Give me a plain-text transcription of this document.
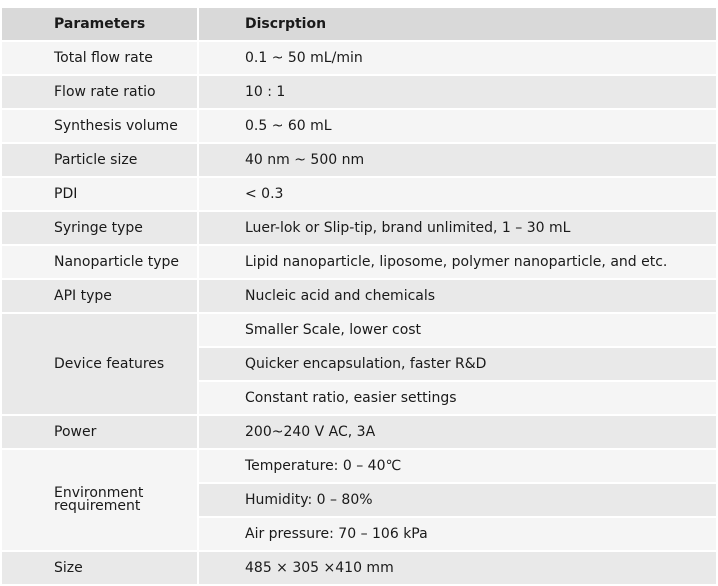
Parameters	Discrption
Total flow rate	0.1 ~ 50 mL/min
Flow rate ratio	10 : 1
Synthesis volume	0.5 ~ 60 mL
Particle size	40 nm ~ 500 nm
PDI	< 0.3
Syringe type	Luer-lok or Slip-tip, brand unlimited, 1 – 30 mL
Nanoparticle type	Lipid nanoparticle, liposome, polymer nanoparticle, and etc.
API type	Nucleic acid and chemicals
Device features	Smaller Scale, lower cost
	Quicker encapsulation, faster R&D
	Constant ratio, easier settings
Power	200~240 V AC, 3A
Environment
requirement	Temperature: 0 – 40℃
	Humidity: 0 – 80%
	Air pressure: 70 – 106 kPa
Size	485 × 305 ×410 mm
